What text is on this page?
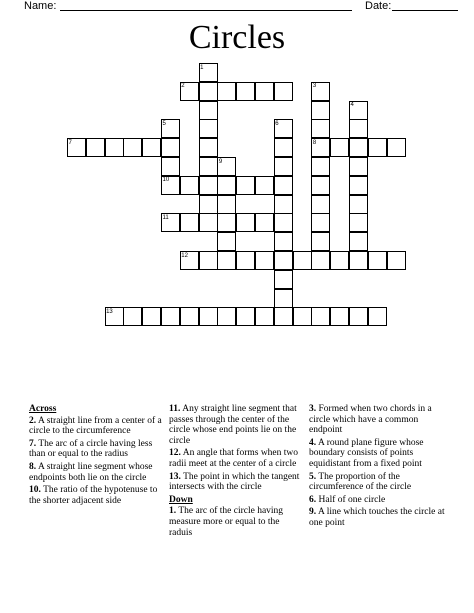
Name:	Date:
Circles
1
2	3
4
5	6
7	8
9
10
11
12
13
Across
2. A straight line from a center of a circle to the circumference
7. The arc of a circle having less than or equal to the radius
8. A straight line segment whose endpoints both lie on the circle
10. The ratio of the hypotenuse to the shorter adjacent side
11. Any straight line segment that passes through the center of the circle whose end points lie on the circle
12. An angle that forms when two radii meet at the center of a circle
13. The point in which the tangent intersects with the circle
Down
1. The arc of the circle having measure more or equal to the raduis
3. Formed when two chords in a circle which have a common endpoint
4. A round plane figure whose boundary consists of points equidistant from a fixed point
5. The proportion of the circumference of the circle
6. Half of one circle
9. A line which touches the circle at one point
